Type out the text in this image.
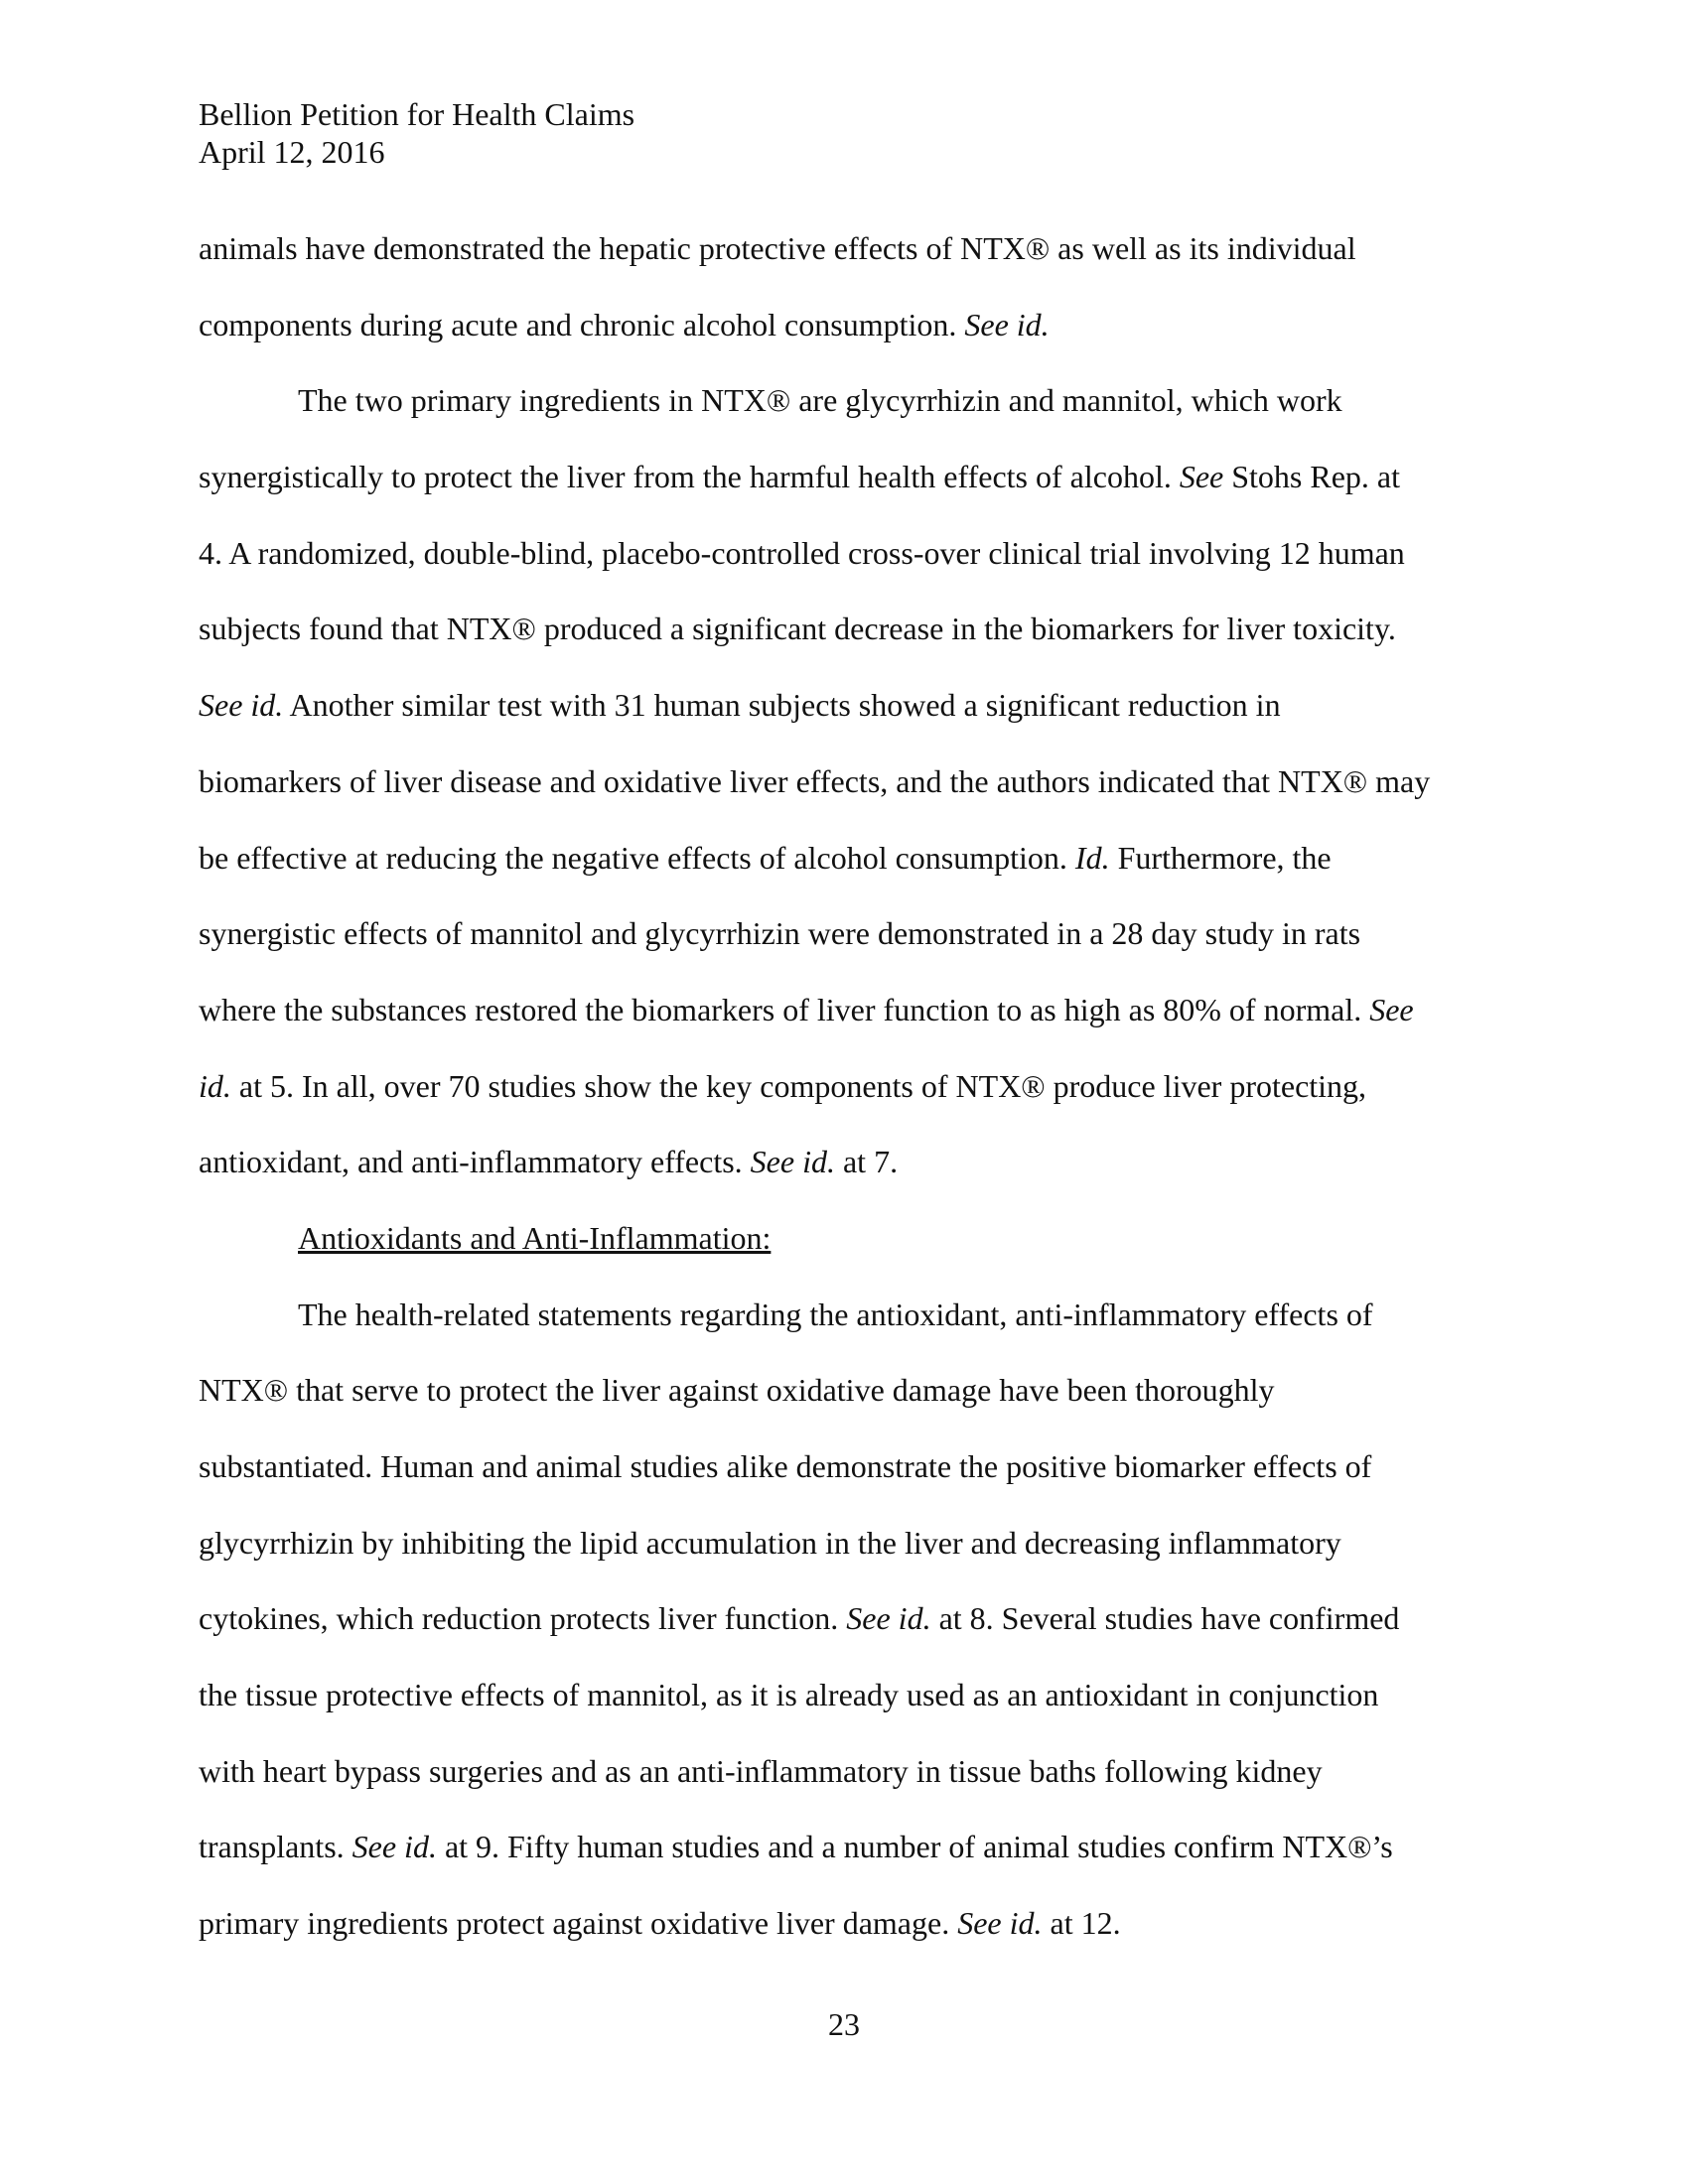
Bellion Petition for Health Claims
April 12, 2016
animals have demonstrated the hepatic protective effects of NTX® as well as its individual
components during acute and chronic alcohol consumption. See id.
The two primary ingredients in NTX® are glycyrrhizin and mannitol, which work
synergistically to protect the liver from the harmful health effects of alcohol. See Stohs Rep. at
4. A randomized, double-blind, placebo-controlled cross-over clinical trial involving 12 human
subjects found that NTX® produced a significant decrease in the biomarkers for liver toxicity.
See id. Another similar test with 31 human subjects showed a significant reduction in
biomarkers of liver disease and oxidative liver effects, and the authors indicated that NTX® may
be effective at reducing the negative effects of alcohol consumption. Id. Furthermore, the
synergistic effects of mannitol and glycyrrhizin were demonstrated in a 28 day study in rats
where the substances restored the biomarkers of liver function to as high as 80% of normal. See
id. at 5. In all, over 70 studies show the key components of NTX® produce liver protecting,
antioxidant, and anti-inflammatory effects. See id. at 7.
Antioxidants and Anti-Inflammation:
The health-related statements regarding the antioxidant, anti-inflammatory effects of
NTX® that serve to protect the liver against oxidative damage have been thoroughly
substantiated. Human and animal studies alike demonstrate the positive biomarker effects of
glycyrrhizin by inhibiting the lipid accumulation in the liver and decreasing inflammatory
cytokines, which reduction protects liver function. See id. at 8. Several studies have confirmed
the tissue protective effects of mannitol, as it is already used as an antioxidant in conjunction
with heart bypass surgeries and as an anti-inflammatory in tissue baths following kidney
transplants. See id. at 9. Fifty human studies and a number of animal studies confirm NTX®’s
primary ingredients protect against oxidative liver damage. See id. at 12.
23
